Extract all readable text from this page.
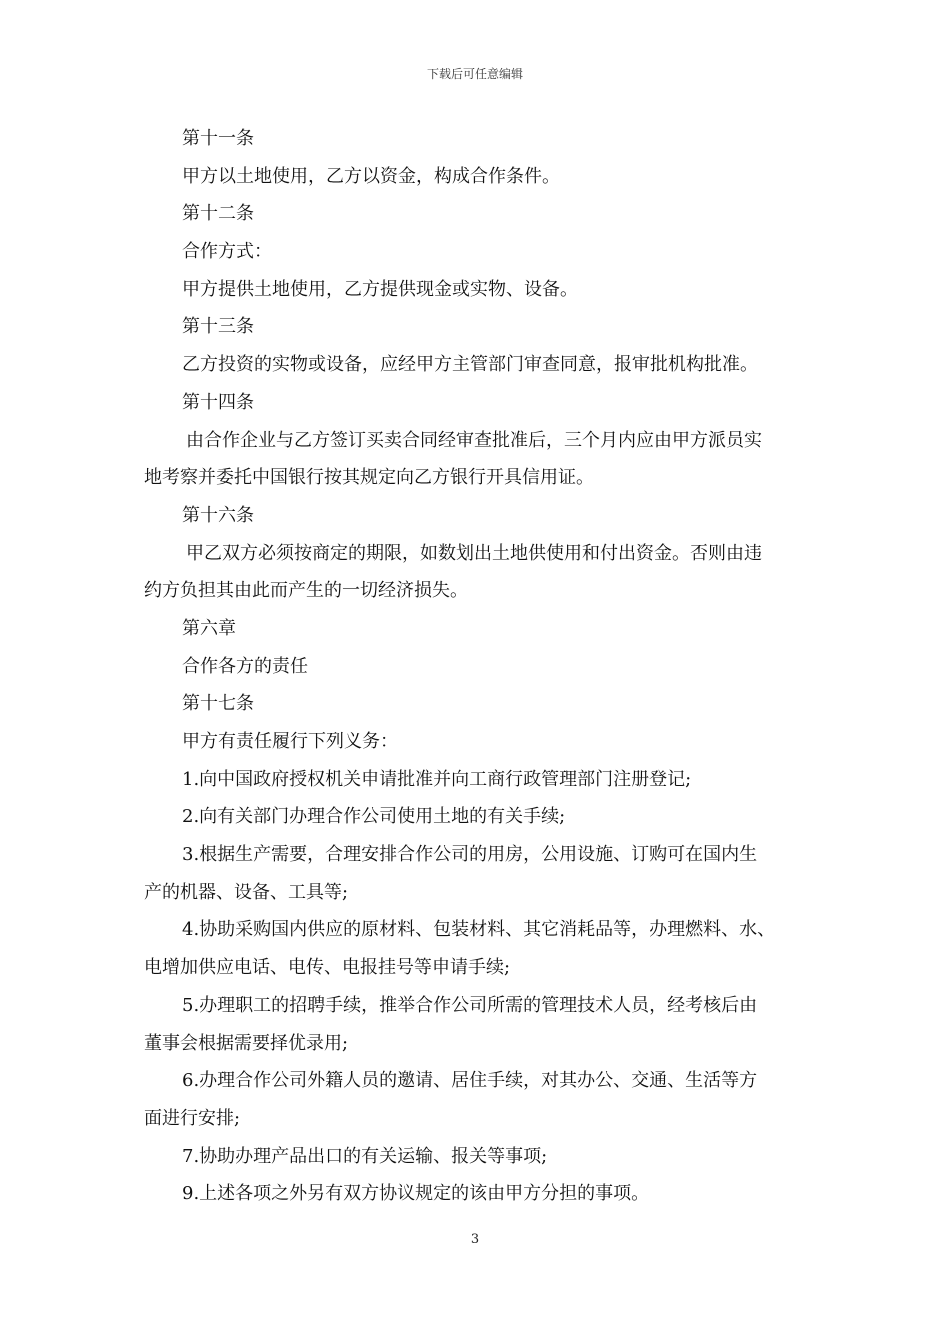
下载后可任意编辑
第十一条
甲方以土地使用，乙方以资金，构成合作条件。
第十二条
合作方式：
甲方提供土地使用，乙方提供现金或实物、设备。
第十三条
乙方投资的实物或设备，应经甲方主管部门审查同意，报审批机构批准。
第十四条
由合作企业与乙方签订买卖合同经审查批准后，三个月内应由甲方派员实
地考察并委托中国银行按其规定向乙方银行开具信用证。
第十六条
甲乙双方必须按商定的期限，如数划出土地供使用和付出资金。否则由违
约方负担其由此而产生的一切经济损失。
第六章
合作各方的责任
第十七条
甲方有责任履行下列义务：
1.向中国政府授权机关申请批准并向工商行政管理部门注册登记;
2.向有关部门办理合作公司使用土地的有关手续;
3.根据生产需要，合理安排合作公司的用房，公用设施、订购可在国内生
产的机器、设备、工具等;
4.协助采购国内供应的原材料、包装材料、其它消耗品等，办理燃料、水、
电增加供应电话、电传、电报挂号等申请手续;
5.办理职工的招聘手续，推举合作公司所需的管理技术人员，经考核后由
董事会根据需要择优录用;
6.办理合作公司外籍人员的邀请、居住手续，对其办公、交通、生活等方
面进行安排;
7.协助办理产品出口的有关运输、报关等事项;
9.上述各项之外另有双方协议规定的该由甲方分担的事项。
3
